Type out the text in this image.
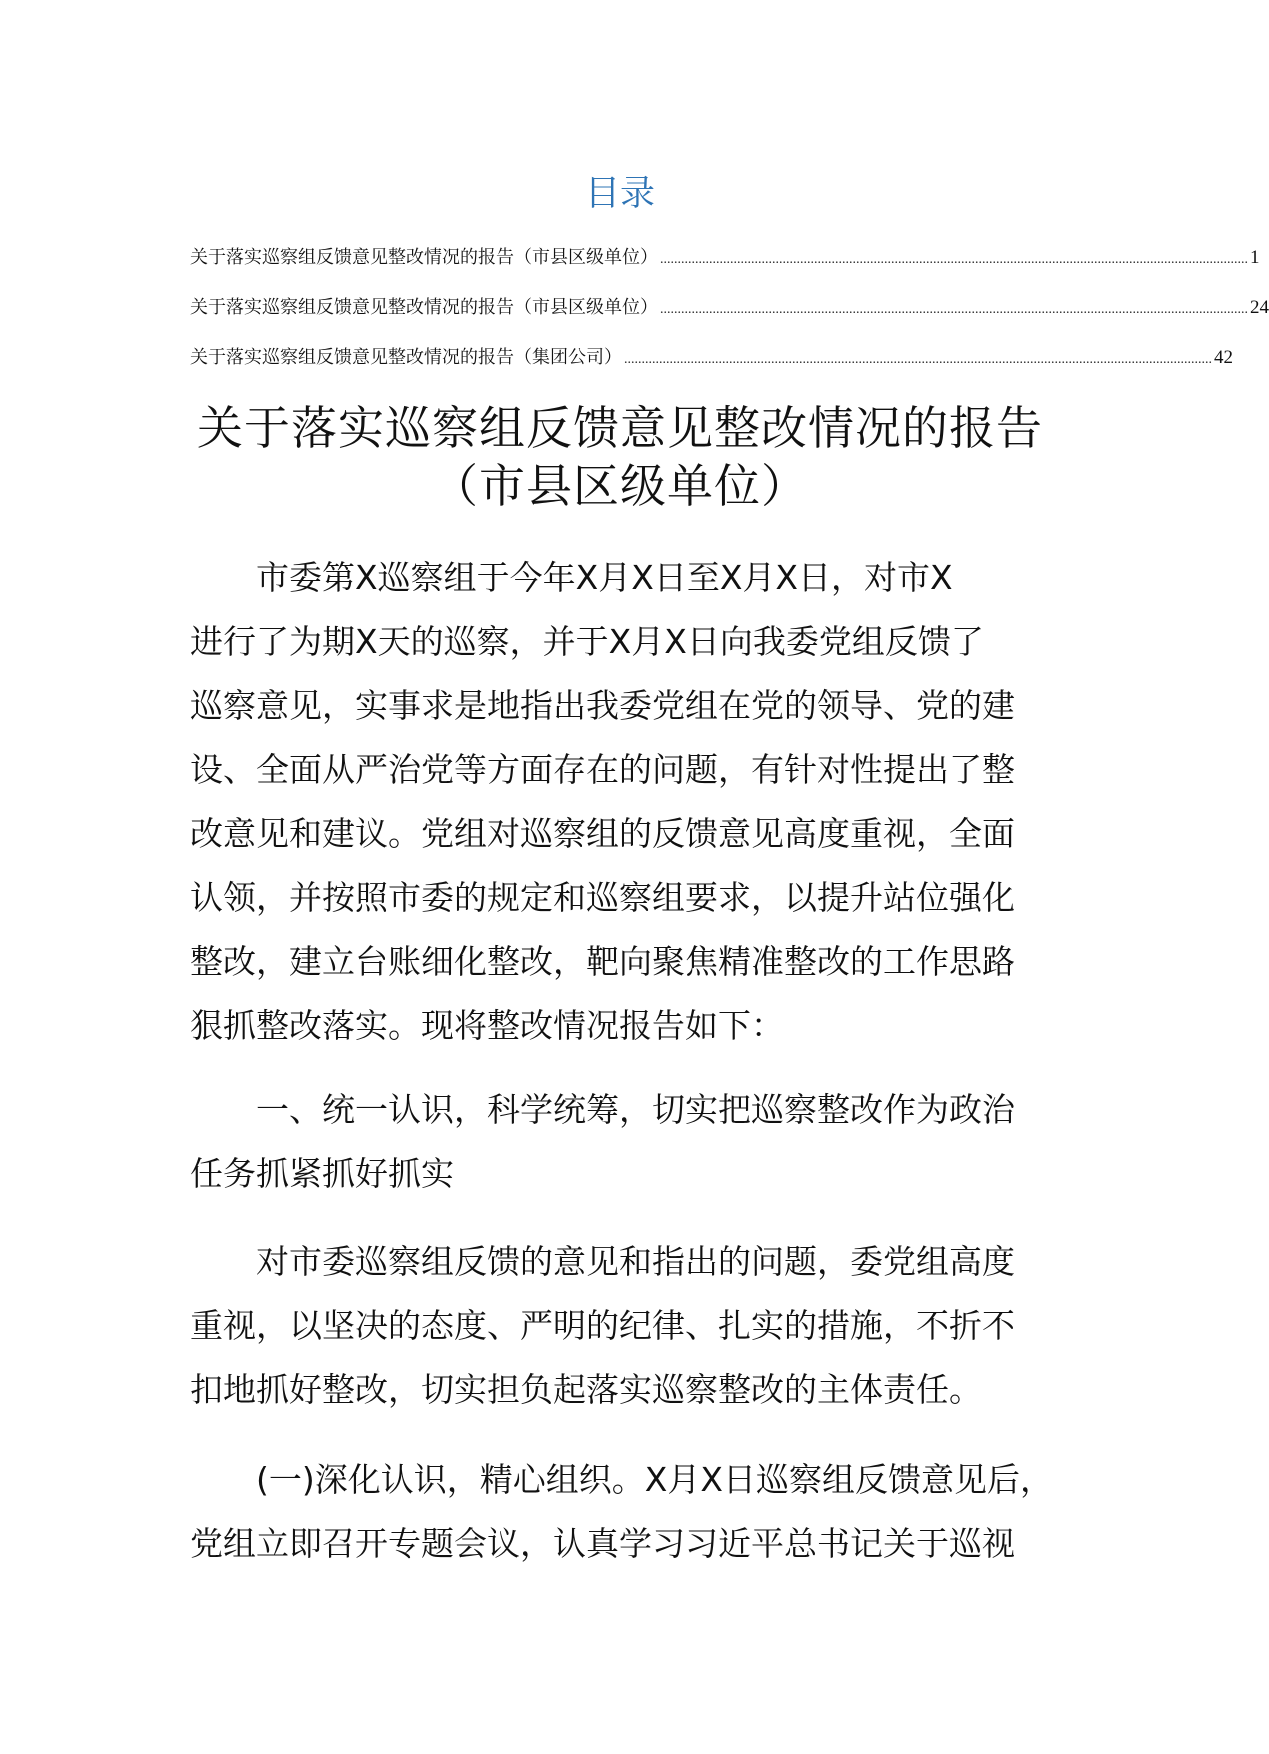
目录
关于落实巡察组反馈意见整改情况的报告（市县区级单位） ........................................................................................................................................................................ 1
关于落实巡察组反馈意见整改情况的报告（市县区级单位） ........................................................................................................................................................................ 24
关于落实巡察组反馈意见整改情况的报告（集团公司） ........................................................................................................................................................................ 42
关于落实巡察组反馈意见整改情况的报告
（市县区级单位）

市委第X巡察组于今年X月X日至X月X日，对市X
进行了为期X天的巡察，并于X月X日向我委党组反馈了
巡察意见，实事求是地指出我委党组在党的领导、党的建
设、全面从严治党等方面存在的问题，有针对性提出了整
改意见和建议。党组对巡察组的反馈意见高度重视，全面
认领，并按照市委的规定和巡察组要求，以提升站位强化
整改，建立台账细化整改，靶向聚焦精准整改的工作思路
狠抓整改落实。现将整改情况报告如下：

一、统一认识，科学统筹，切实把巡察整改作为政治
任务抓紧抓好抓实

对市委巡察组反馈的意见和指出的问题，委党组高度
重视，以坚决的态度、严明的纪律、扎实的措施，不折不
扣地抓好整改，切实担负起落实巡察整改的主体责任。

(一)深化认识，精心组织。X月X日巡察组反馈意见后，
党组立即召开专题会议，认真学习习近平总书记关于巡视
